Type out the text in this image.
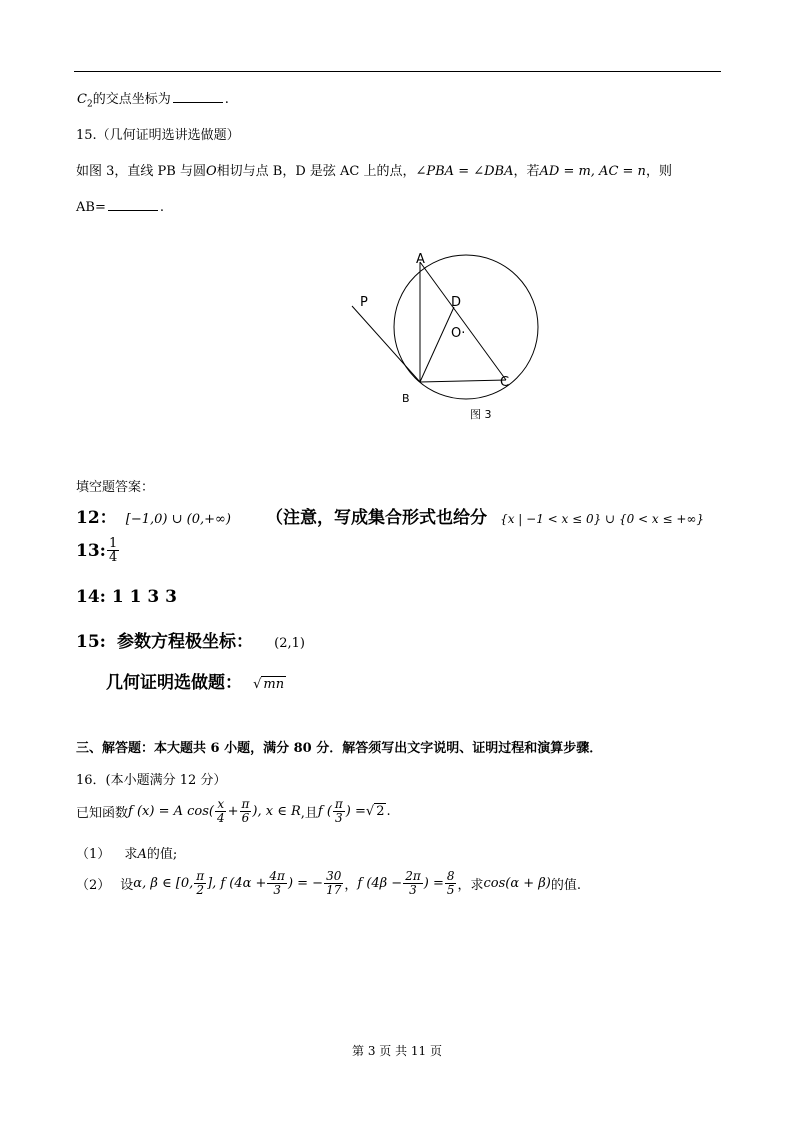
$C_2$的交点坐标为	.
15.（几何证明选讲选做题）
如图 3，直线 PB 与圆O相切与点 B，D 是弦 AC 上的点，∠PBA = ∠DBA，若AD = m, AC = n，则
AB=	.
A
D
O·
P
B
C
图 3
填空题答案：
12： [−1,0) ∪ (0,+∞) （注意，写成集合形式也给分 {x | −1 < x ≤ 0} ∪ {0 < x ≤ +∞}
13: $\frac{1}{4}$
14: 1 1 3 3
15: 参数方程极坐标： (2,1)
几何证明选做题： √ mn
三、解答题：本大题共 6 小题，满分 80 分．解答须写出文字说明、证明过程和演算步骤．
16．(本小题满分 12 分）
已知函数 f (x) = A $\cos( \frac{x}{4} + \frac{\pi}{6}$ ), x ∈ R ,且 f ( $\frac{\pi}{3}$ ) = √ 2 .
（1） 求A的值;
（2） 设 α, β ∈ [0, $\frac{\pi}{2}$ ], f ($4\alpha + \frac{4\pi}{3}$ ) = − $\frac{30}{17}$ ， f ($4\beta - \frac{2\pi}{3}$ ) = $\frac{8}{5}$ ，求 cos(α + β) 的值.
第 3 页 共 11 页
